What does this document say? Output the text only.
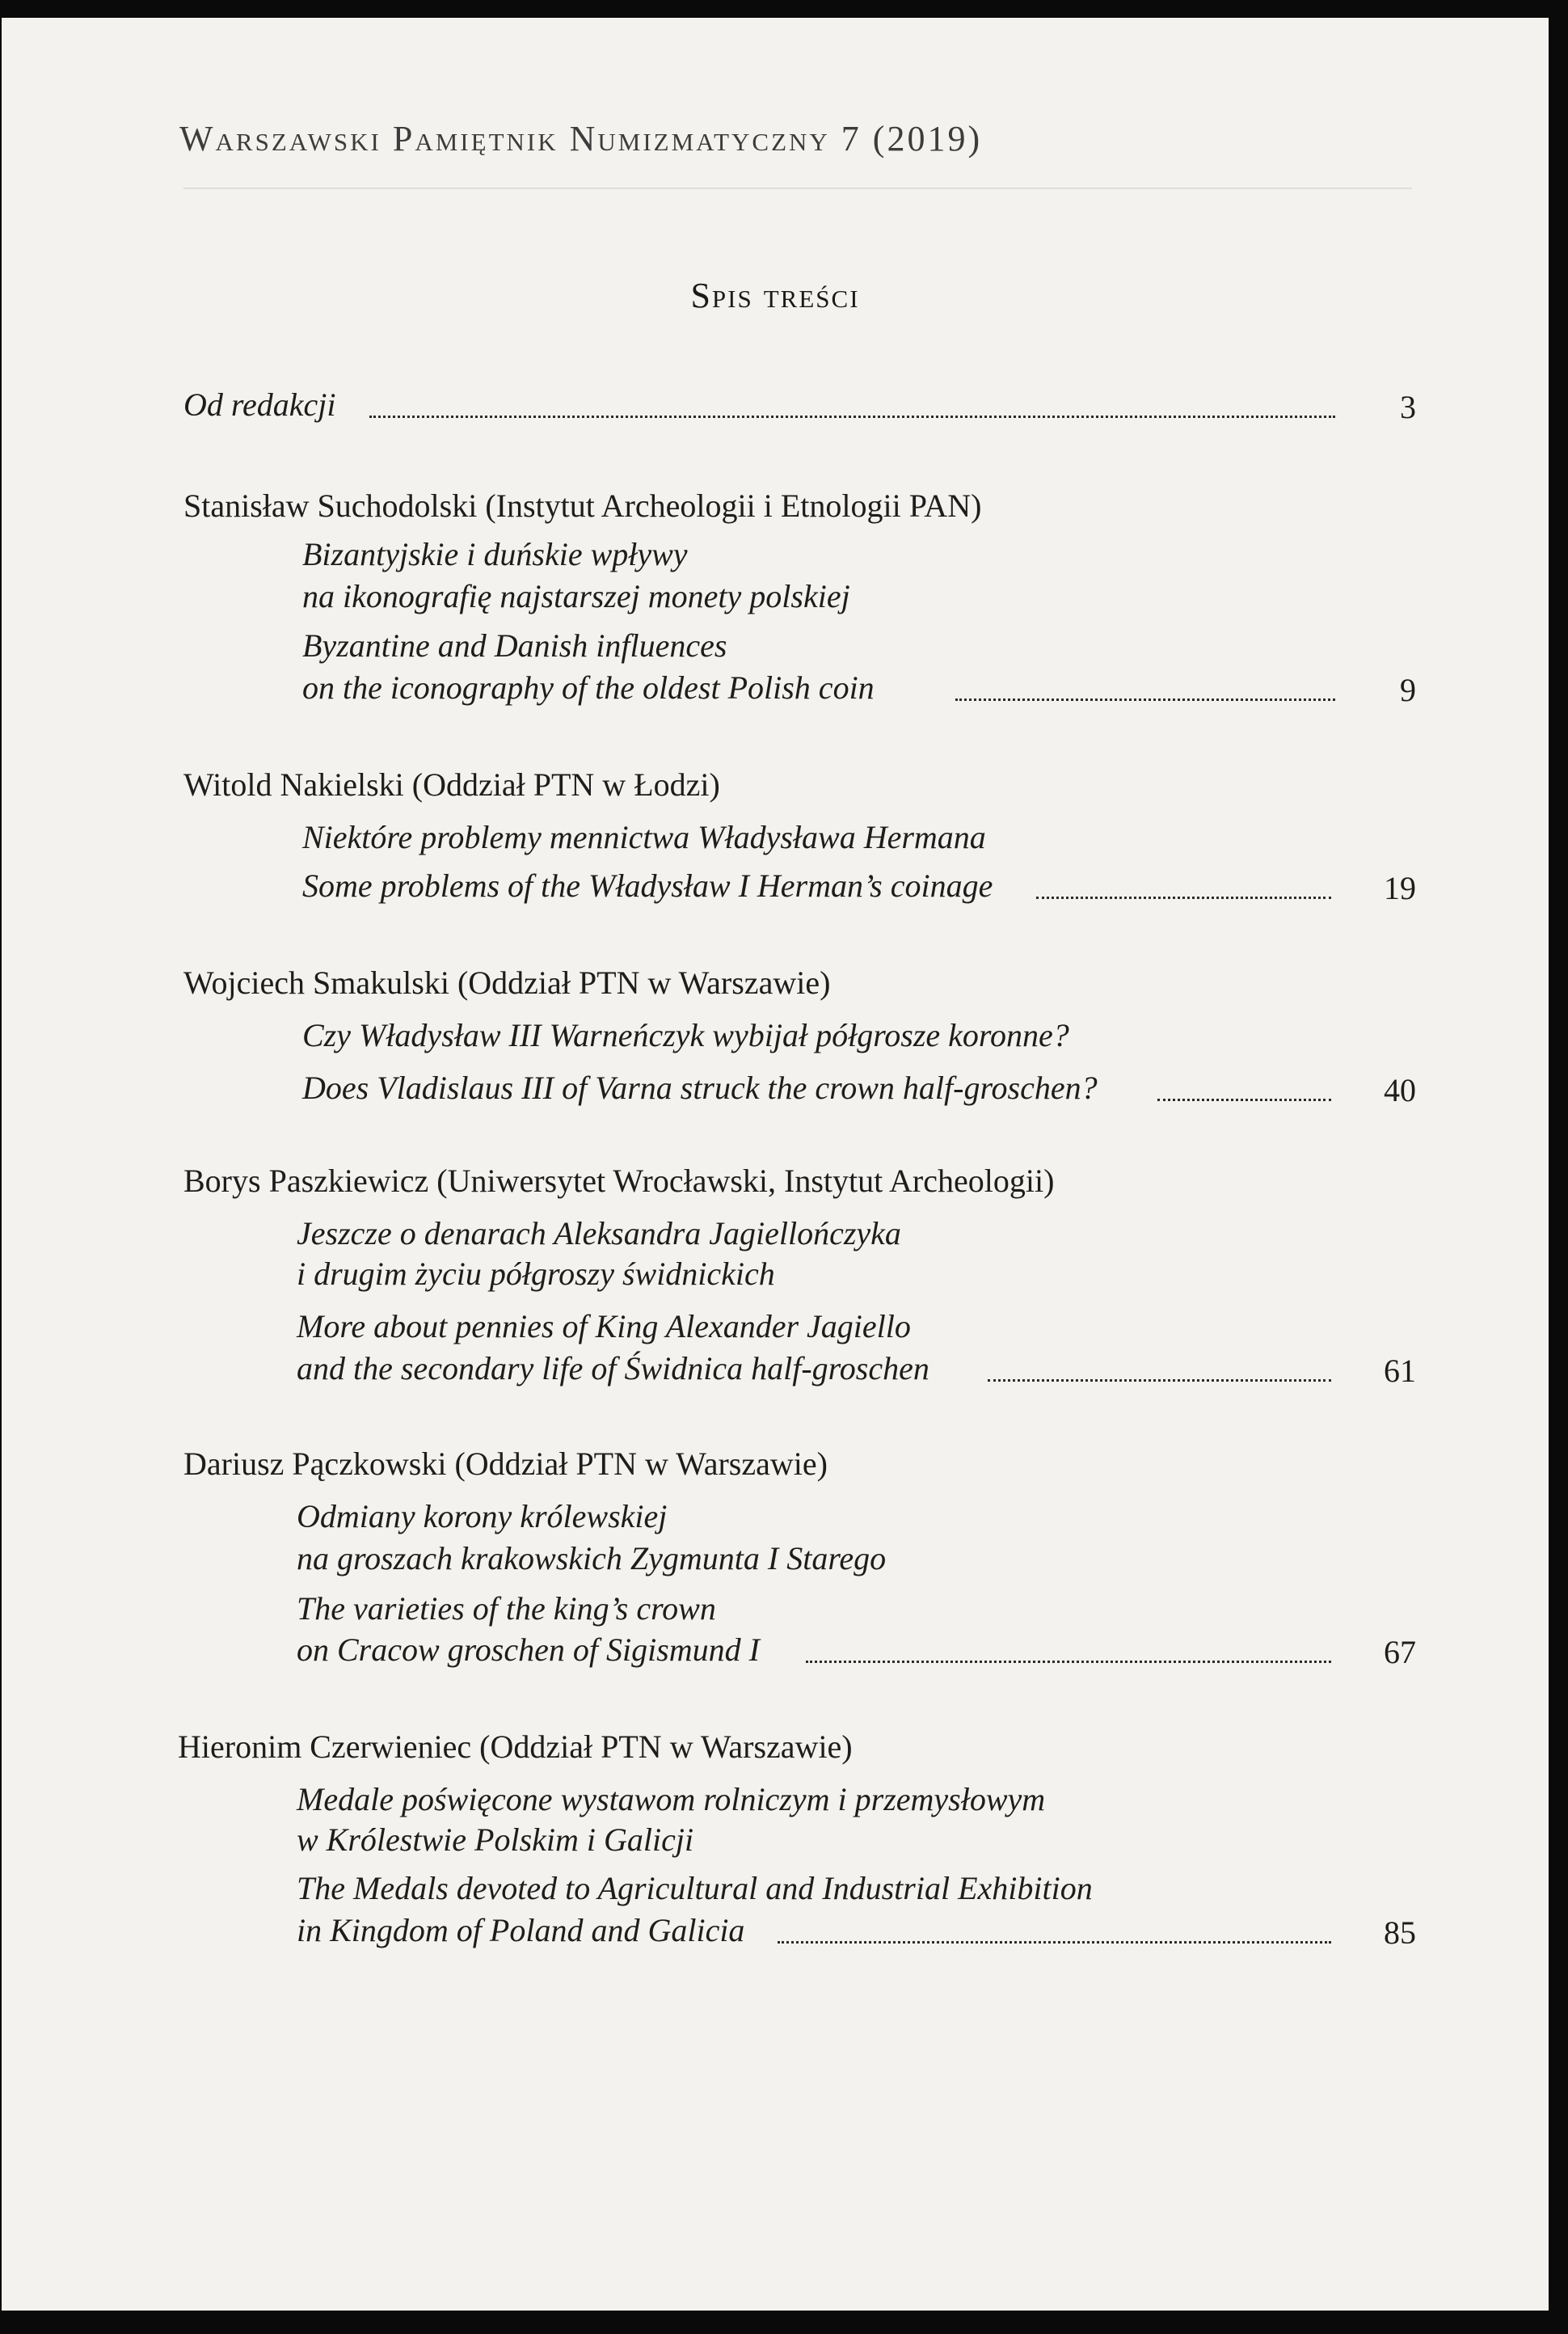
Warszawski Pamiętnik Numizmatyczny 7 (2019)
Spis treści
Od redakcji	3
Stanisław Suchodolski (Instytut Archeologii i Etnologii PAN)
Bizantyjskie i duńskie wpływy
na ikonografię najstarszej monety polskiej
Byzantine and Danish influences
on the iconography of the oldest Polish coin	9
Witold Nakielski (Oddział PTN w Łodzi)
Niektóre problemy mennictwa Władysława Hermana
Some problems of the Władysław I Herman’s coinage	19
Wojciech Smakulski (Oddział PTN w Warszawie)
Czy Władysław III Warneńczyk wybijał półgrosze koronne?
Does Vladislaus III of Varna struck the crown half-groschen?	40
Borys Paszkiewicz (Uniwersytet Wrocławski, Instytut Archeologii)
Jeszcze o denarach Aleksandra Jagiellończyka
i drugim życiu półgroszy świdnickich
More about pennies of King Alexander Jagiello
and the secondary life of Świdnica half-groschen	61
Dariusz Pączkowski (Oddział PTN w Warszawie)
Odmiany korony królewskiej
na groszach krakowskich Zygmunta I Starego
The varieties of the king’s crown
on Cracow groschen of Sigismund I	67
Hieronim Czerwieniec (Oddział PTN w Warszawie)
Medale poświęcone wystawom rolniczym i przemysłowym
w Królestwie Polskim i Galicji
The Medals devoted to Agricultural and Industrial Exhibition
in Kingdom of Poland and Galicia	85
